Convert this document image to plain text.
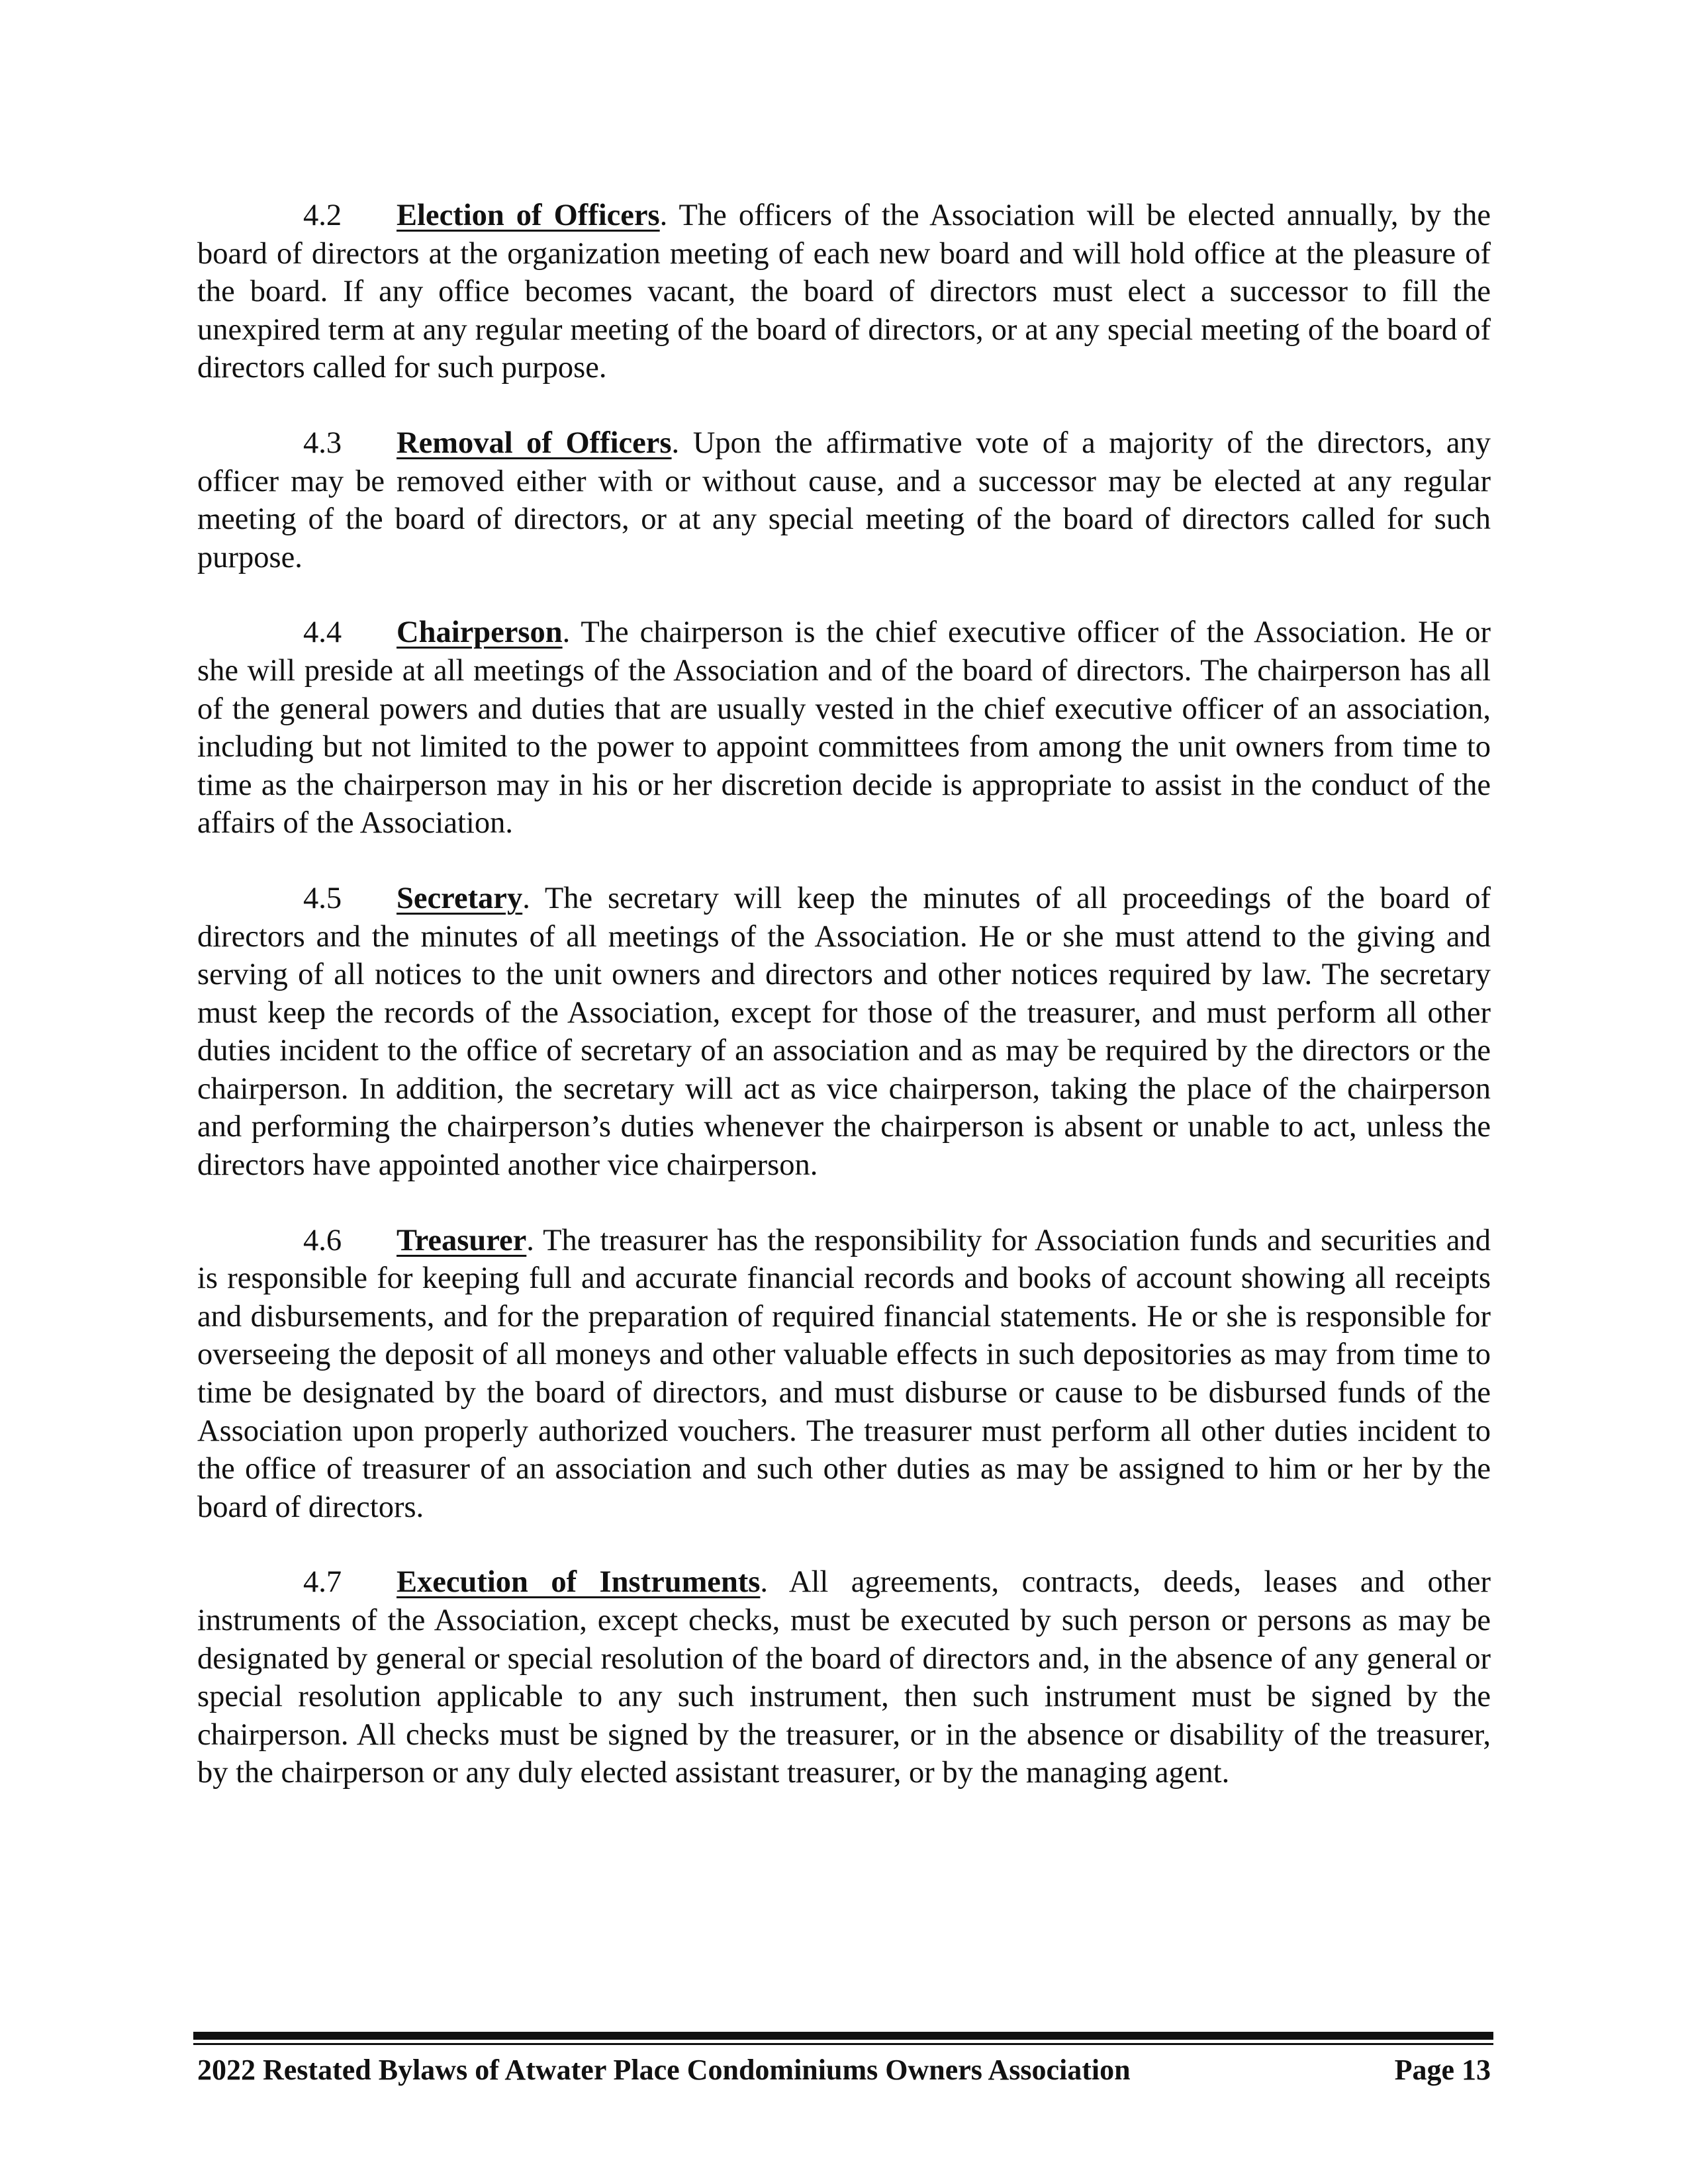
4.2 Election of Officers. The officers of the Association will be elected annually, by the board of directors at the organization meeting of each new board and will hold office at the pleasure of the board. If any office becomes vacant, the board of directors must elect a successor to fill the unexpired term at any regular meeting of the board of directors, or at any special meeting of the board of directors called for such purpose.

4.3 Removal of Officers. Upon the affirmative vote of a majority of the directors, any officer may be removed either with or without cause, and a successor may be elected at any regular meeting of the board of directors, or at any special meeting of the board of directors called for such purpose.

4.4 Chairperson. The chairperson is the chief executive officer of the Association. He or she will preside at all meetings of the Association and of the board of directors. The chairperson has all of the general powers and duties that are usually vested in the chief executive officer of an association, including but not limited to the power to appoint committees from among the unit owners from time to time as the chairperson may in his or her discretion decide is appropriate to assist in the conduct of the affairs of the Association.

4.5 Secretary. The secretary will keep the minutes of all proceedings of the board of directors and the minutes of all meetings of the Association. He or she must attend to the giving and serving of all notices to the unit owners and directors and other notices required by law. The secretary must keep the records of the Association, except for those of the treasurer, and must perform all other duties incident to the office of secretary of an association and as may be required by the directors or the chairperson. In addition, the secretary will act as vice chairperson, taking the place of the chairperson and performing the chairperson’s duties whenever the chairperson is absent or unable to act, unless the directors have appointed another vice chairperson.

4.6 Treasurer. The treasurer has the responsibility for Association funds and securities and is responsible for keeping full and accurate financial records and books of account showing all receipts and disbursements, and for the preparation of required financial statements. He or she is responsible for overseeing the deposit of all moneys and other valuable effects in such depositories as may from time to time be designated by the board of directors, and must disburse or cause to be disbursed funds of the Association upon properly authorized vouchers. The treasurer must perform all other duties incident to the office of treasurer of an association and such other duties as may be assigned to him or her by the board of directors.

4.7 Execution of Instruments. All agreements, contracts, deeds, leases and other instruments of the Association, except checks, must be executed by such person or persons as may be designated by general or special resolution of the board of directors and, in the absence of any general or special resolution applicable to any such instrument, then such instrument must be signed by the chairperson. All checks must be signed by the treasurer, or in the absence or disability of the treasurer, by the chairperson or any duly elected assistant treasurer, or by the managing agent.

2022 Restated Bylaws of Atwater Place Condominiums Owners Association	Page 13
